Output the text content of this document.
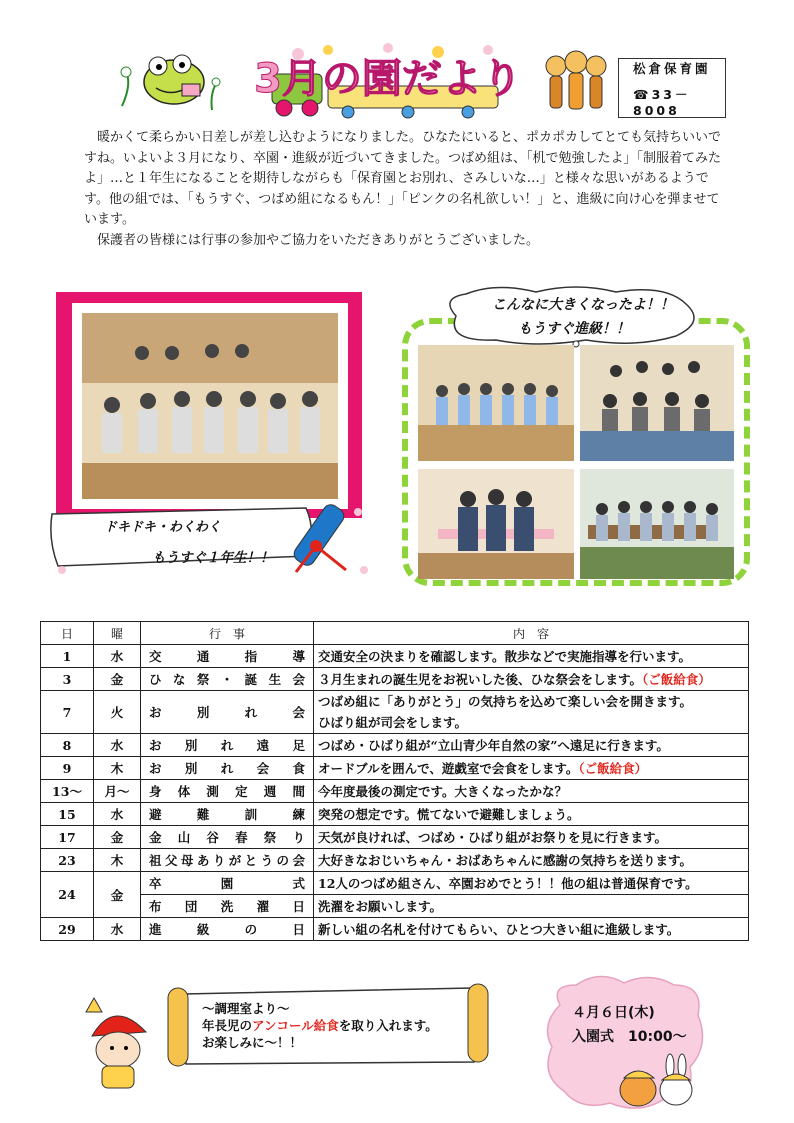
3月の園だより	松倉保育園
☎33－8008

暖かくて柔らかい日差しが差し込むようになりました。ひなたにいると、ポカポカしてとても気持ちいいですね。いよいよ３月になり、卒園・進級が近づいてきました。つばめ組は、「机で勉強したよ」「制服着てみたよ」…と１年生になることを期待しながらも「保育園とお別れ、さみしいな…」と様々な思いがあるようです。他の組では、「もうすぐ、つばめ組になるもん！」「ピンクの名札欲しい！」と、進級に向け心を弾ませています。

保護者の皆様には行事の参加やご協力をいただきありがとうございました。

ドキドキ・わくわく
もうすぐ１年生！！
こんなに大きくなったよ！！
もうすぐ進級！！
日	曜	行　事	内　容
1	水	交通指導	交通安全の決まりを確認します。散歩などで実施指導を行います。
3	金	ひな祭・誕生会	３月生まれの誕生児をお祝いした後、ひな祭会をします。（ご飯給食）
7	火	お別れ会	つばめ組に「ありがとう」の気持ちを込めて楽しい会を開きます。
ひばり組が司会をします。

8	水	お別れ遠足	つばめ・ひばり組が“立山青少年自然の家”へ遠足に行きます。
9	木	お別れ会食	オードブルを囲んで、遊戯室で会食をします。（ご飯給食）
13～	月～	身体測定週間	今年度最後の測定です。大きくなったかな？
15	水	避難訓練	突発の想定です。慌てないで避難しましょう。
17	金	金山谷春祭り	天気が良ければ、つばめ・ひばり組がお祭りを見に行きます。
23	木	祖父母ありがとうの会	大好きなおじいちゃん・おばあちゃんに感謝の気持ちを送ります。
24	金	卒園式	12人のつばめ組さん、卒園おめでとう！！他の組は普通保育です。
		布団洗濯日	洗濯をお願いします。
29	水	進級の日	新しい組の名札を付けてもらい、ひとつ大きい組に進級します。
～調理室より～
年長児のアンコール給食を取り入れます。
お楽しみに～！！
４月６日(木)
入園式　10:00～
